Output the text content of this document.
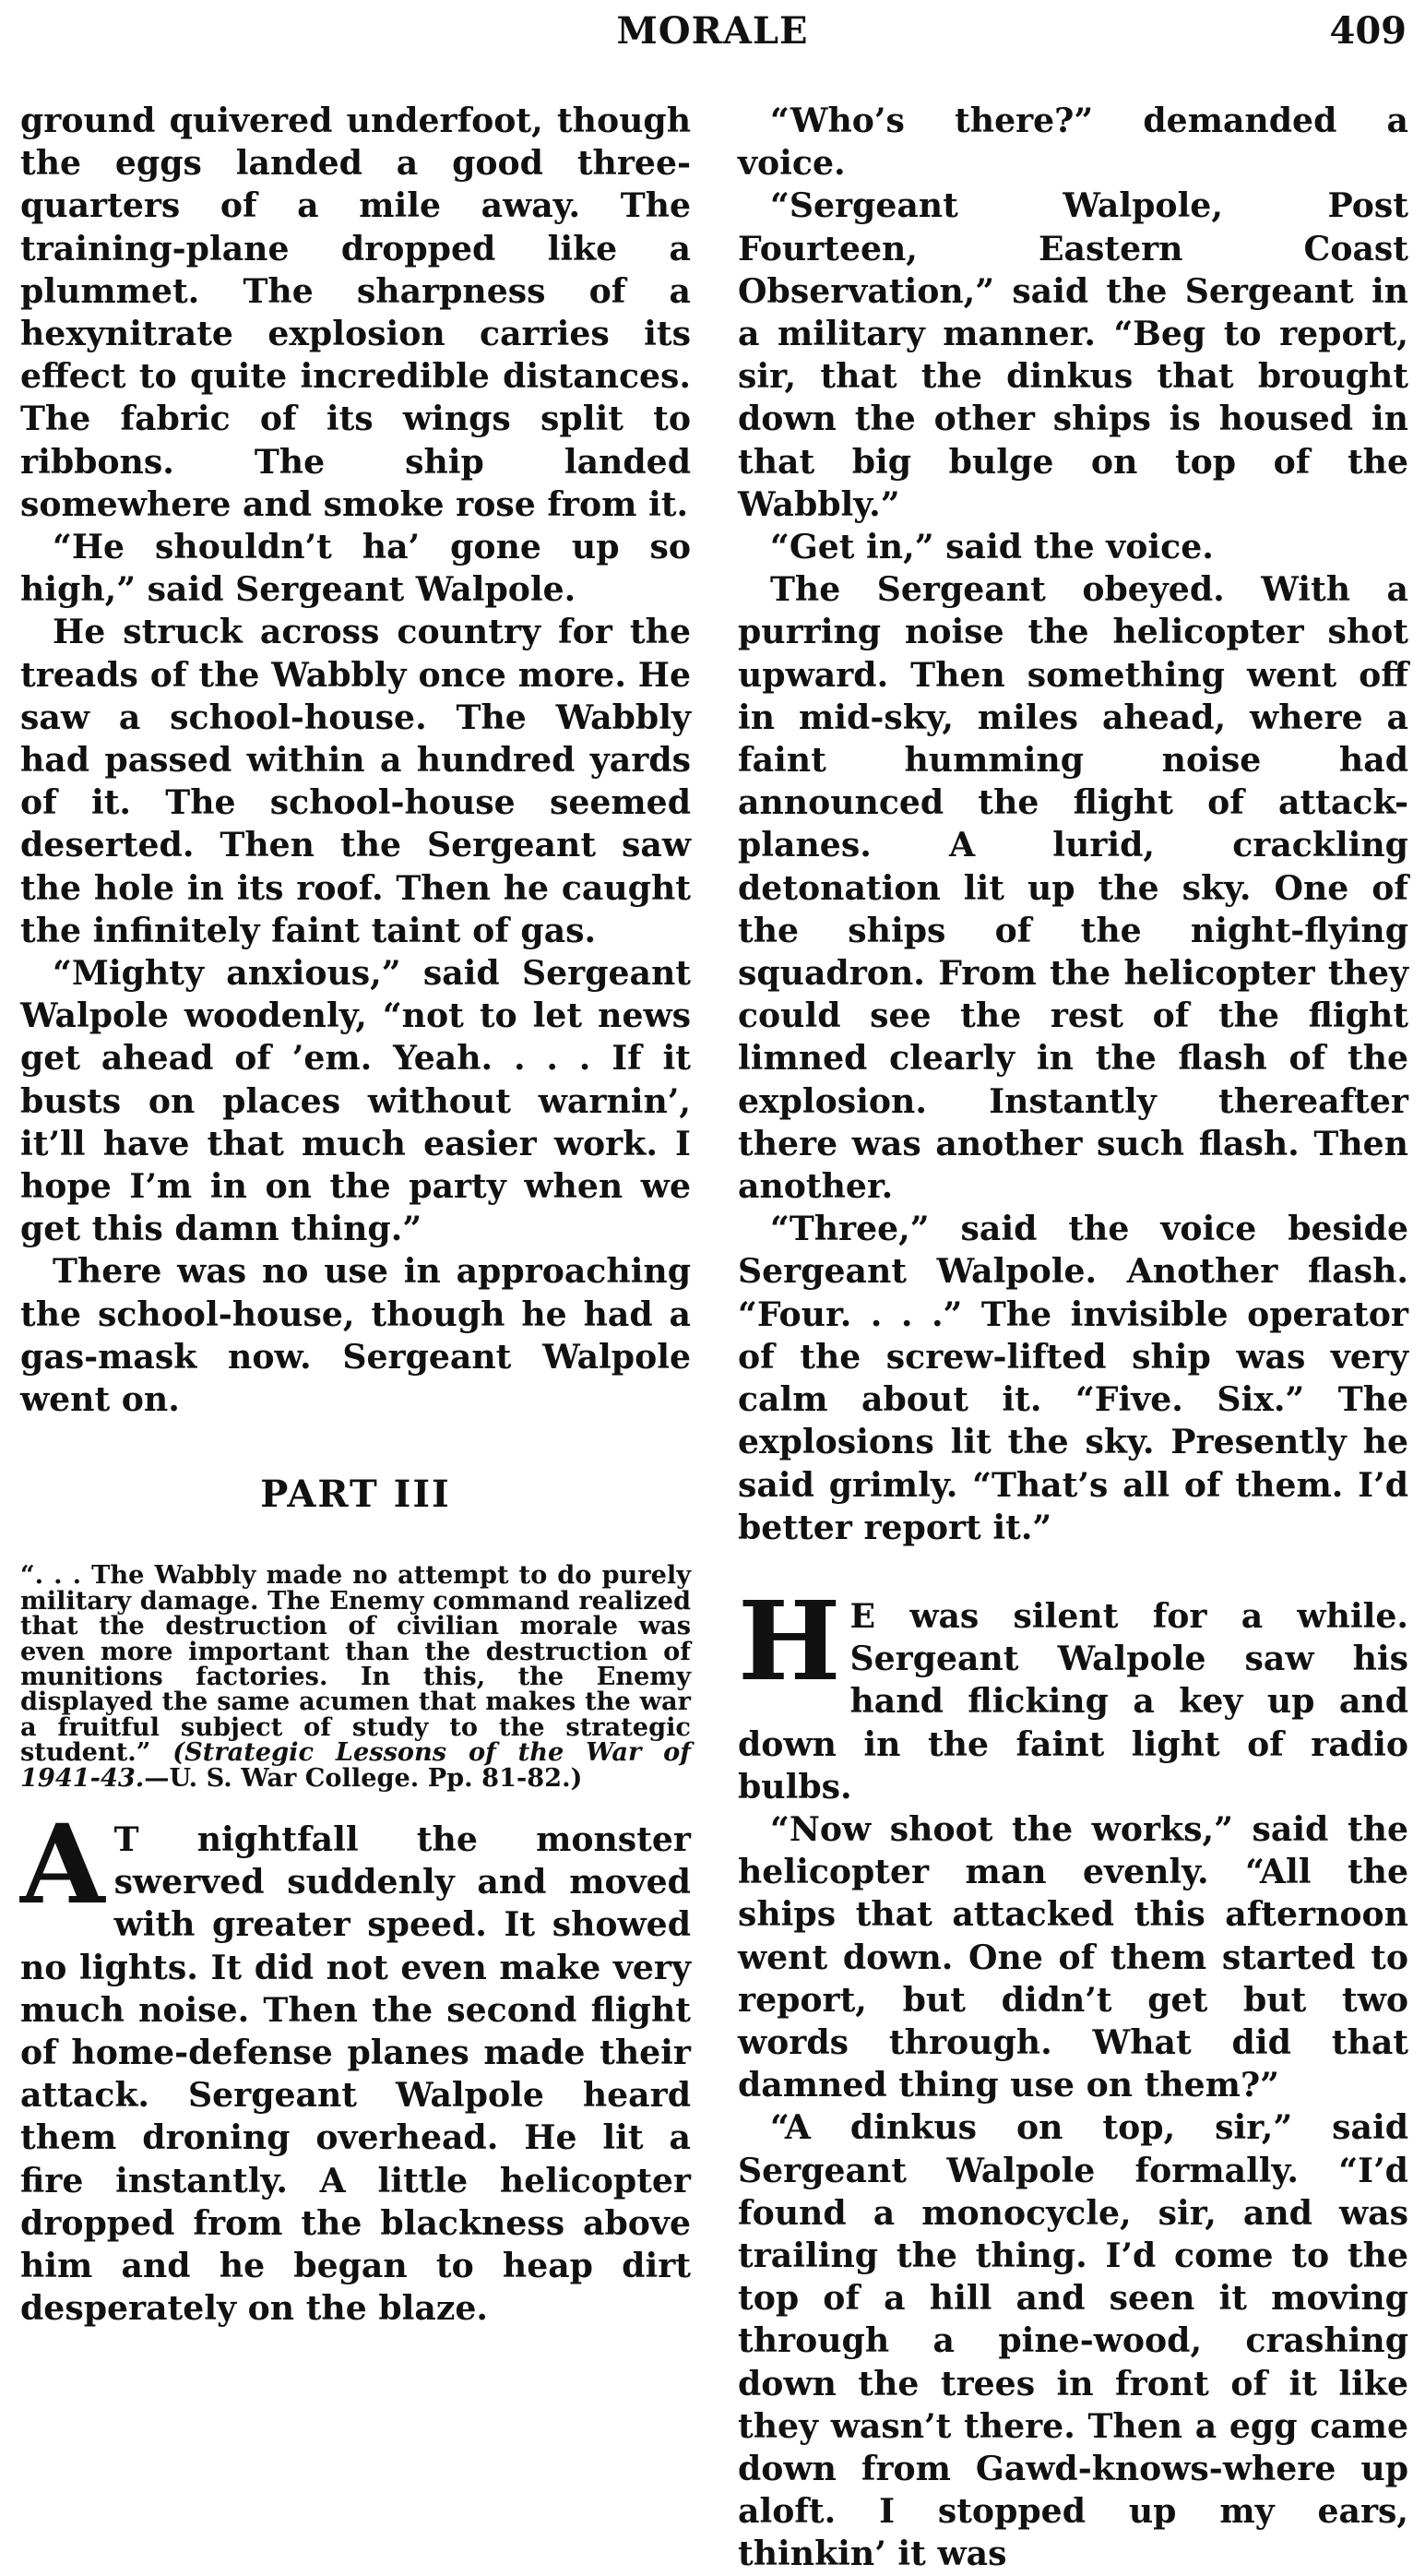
MORALE	409

ground quivered underfoot, though the eggs landed a good three-quarters of a mile away. The training-plane dropped like a plummet. The sharpness of a hexynitrate explosion carries its effect to quite incredible distances. The fabric of its wings split to ribbons. The ship landed somewhere and smoke rose from it.

“He shouldn’t ha’ gone up so high,” said Sergeant Walpole.

He struck across country for the treads of the Wabbly once more. He saw a school-house. The Wabbly had passed within a hundred yards of it. The school-house seemed deserted. Then the Sergeant saw the hole in its roof. Then he caught the infinitely faint taint of gas.

“Mighty anxious,” said Sergeant Walpole woodenly, “not to let news get ahead of ’em. Yeah. . . . If it busts on places without warnin’, it’ll have that much easier work. I hope I’m in on the party when we get this damn thing.”

There was no use in approaching the school-house, though he had a gas-mask now. Sergeant Walpole went on.

PART III
“. . . The Wabbly made no attempt to do purely military damage. The Enemy command realized that the destruction of civilian morale was even more important than the destruction of munitions factories. In this, the Enemy displayed the same acumen that makes the war a fruitful subject of study to the strategic student.” (Strategic Lessons of the War of 1941-43.—U. S. War College. Pp. 81-82.)

A T nightfall the monster swerved suddenly and moved with greater speed. It showed no lights. It did not even make very much noise. Then the second flight of home-defense planes made their attack. Sergeant Walpole heard them droning overhead. He lit a fire instantly. A little helicopter dropped from the blackness above him and he began to heap dirt desperately on the blaze.

“Who’s there?” demanded a voice.

“Sergeant Walpole, Post Fourteen, Eastern Coast Observation,” said the Sergeant in a military manner. “Beg to report, sir, that the dinkus that brought down the other ships is housed in that big bulge on top of the Wabbly.”

“Get in,” said the voice.

The Sergeant obeyed. With a purring noise the helicopter shot upward. Then something went off in mid-sky, miles ahead, where a faint humming noise had announced the flight of attack-planes. A lurid, crackling detonation lit up the sky. One of the ships of the night-flying squadron. From the helicopter they could see the rest of the flight limned clearly in the flash of the explosion. Instantly thereafter there was another such flash. Then another.

“Three,” said the voice beside Sergeant Walpole. Another flash. “Four. . . .” The invisible operator of the screw-lifted ship was very calm about it. “Five. Six.” The explosions lit the sky. Presently he said grimly. “That’s all of them. I’d better report it.”

H E was silent for a while. Sergeant Walpole saw his hand flicking a key up and down in the faint light of radio bulbs.

“Now shoot the works,” said the helicopter man evenly. “All the ships that attacked this afternoon went down. One of them started to report, but didn’t get but two words through. What did that damned thing use on them?”

“A dinkus on top, sir,” said Sergeant Walpole formally. “I’d found a monocycle, sir, and was trailing the thing. I’d come to the top of a hill and seen it moving through a pine-wood, crashing down the trees in front of it like they wasn’t there. Then a egg came down from Gawd-knows-where up aloft. I stopped up my ears, thinkin’ it was
